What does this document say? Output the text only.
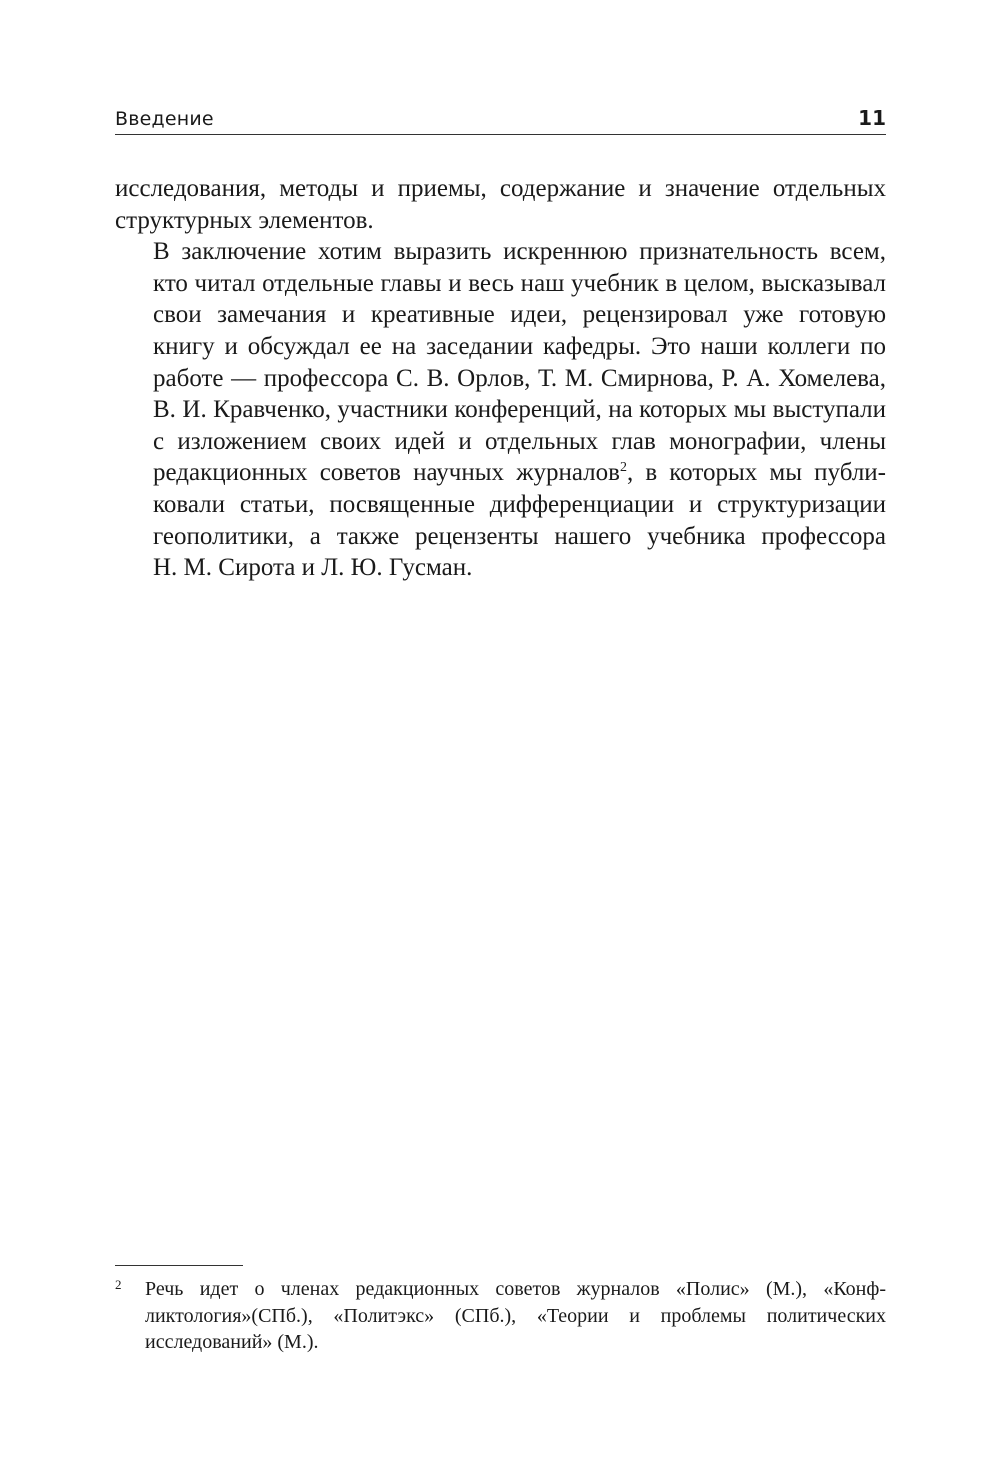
Введение	11

исследования, методы и приемы, содержание и значение отдельных
структурных элементов.

В заключение хотим выразить искреннюю признательность всем,
кто читал отдельные главы и весь наш учебник в целом, высказывал
свои замечания и креативные идеи, рецензировал уже готовую
книгу и обсуждал ее на заседании кафедры. Это наши коллеги по
работе — профессора С. В. Орлов, Т. М. Смирнова, Р. А. Хомелева,
В. И. Кравченко, участники конференций, на которых мы выступали
с изложением своих идей и отдельных глав монографии, члены
редакционных советов научных журналов$^2$, в которых мы публи-
ковали статьи, посвященные дифференциации и структуризации
геополитики, а также рецензенты нашего учебника профессора
Н. М. Сирота и Л. Ю. Гусман.

2 Речь идет о членах редакционных советов журналов «Полис» (М.), «Конф-
ликтология»(СПб.), «Политэкс» (СПб.), «Теории и проблемы политических
исследований» (М.).
